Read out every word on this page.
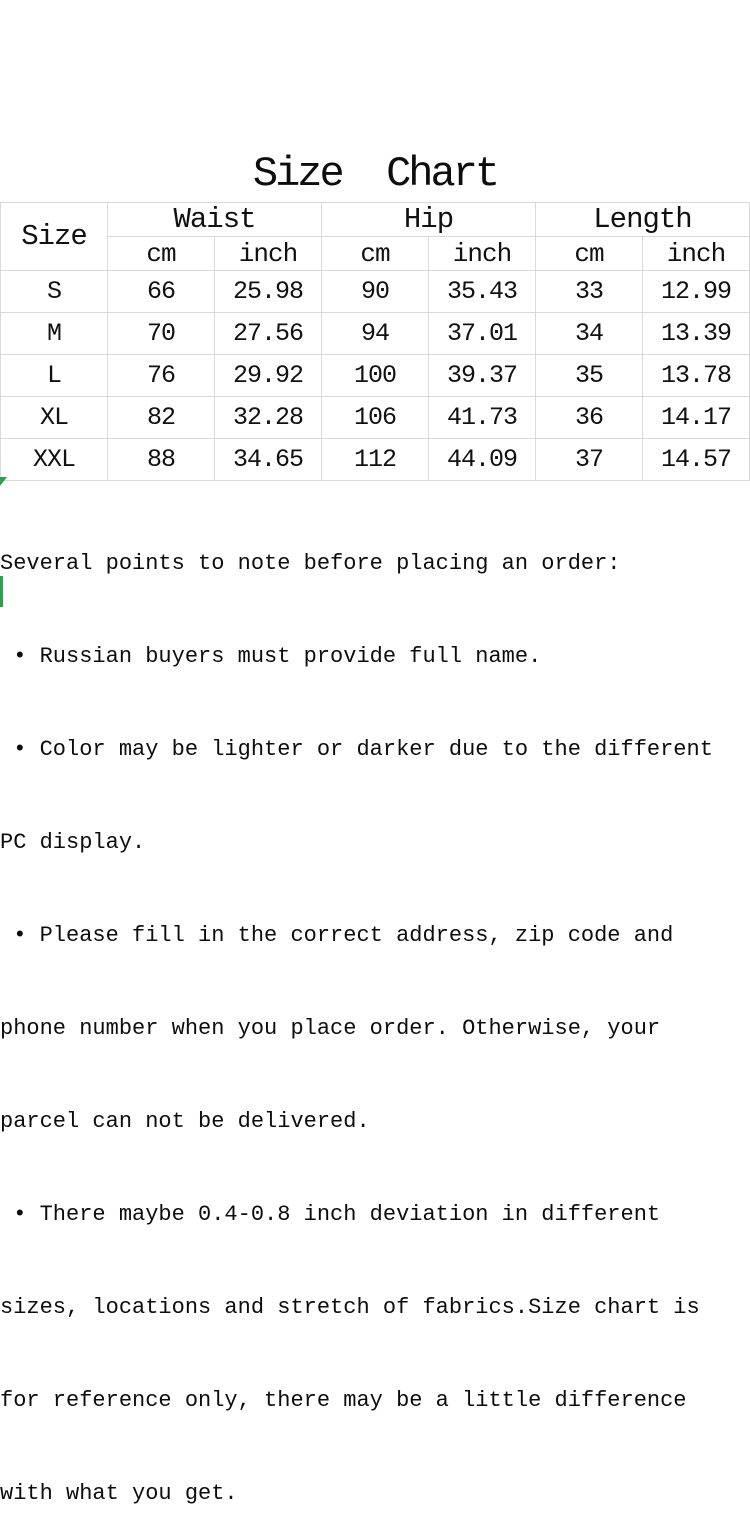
Size  Chart
Size	Waist		Hip		Length	
	cm	inch	cm	inch	cm	inch
S	66	25.98	90	35.43	33	12.99
M	70	27.56	94	37.01	34	13.39
L	76	29.92	100	39.37	35	13.78
XL	82	32.28	106	41.73	36	14.17
XXL	88	34.65	112	44.09	37	14.57

Several points to note before placing an order:

• Russian buyers must provide full name.

• Color may be lighter or darker due to the different

PC display.

• Please fill in the correct address, zip code and

phone number when you place order. Otherwise, your

parcel can not be delivered.

• There maybe 0.4-0.8 inch deviation in different

sizes, locations and stretch of fabrics.Size chart is

for reference only, there may be a little difference

with what you get.
